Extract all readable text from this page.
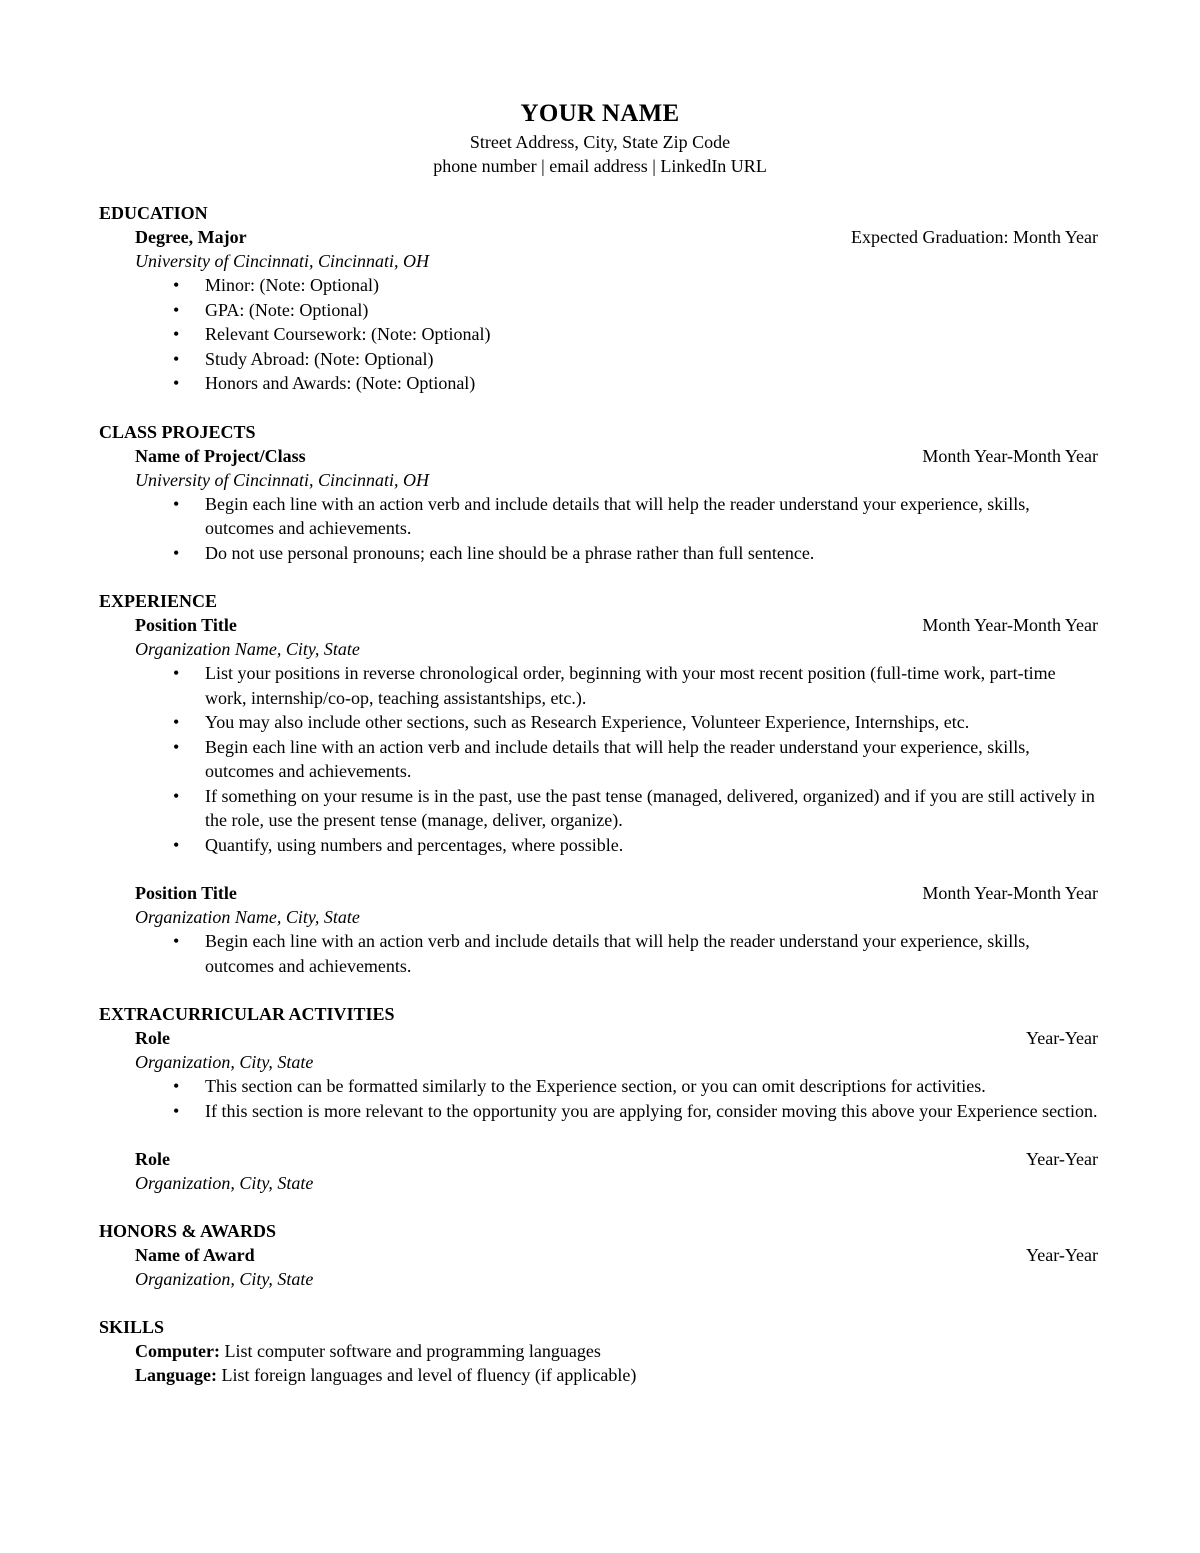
YOUR NAME
Street Address, City, State Zip Code
phone number | email address | LinkedIn URL
EDUCATION
Degree, Major	Expected Graduation: Month Year
University of Cincinnati, Cincinnati, OH
• Minor: (Note: Optional)
• GPA: (Note: Optional)
• Relevant Coursework: (Note: Optional)
• Study Abroad: (Note: Optional)
• Honors and Awards: (Note: Optional)
CLASS PROJECTS
Name of Project/Class	Month Year-Month Year
University of Cincinnati, Cincinnati, OH
• Begin each line with an action verb and include details that will help the reader understand your experience, skills, outcomes and achievements.
• Do not use personal pronouns; each line should be a phrase rather than full sentence.
EXPERIENCE
Position Title	Month Year-Month Year
Organization Name, City, State
• List your positions in reverse chronological order, beginning with your most recent position (full-time work, part-time work, internship/co-op, teaching assistantships, etc.).
• You may also include other sections, such as Research Experience, Volunteer Experience, Internships, etc.
• Begin each line with an action verb and include details that will help the reader understand your experience, skills, outcomes and achievements.
• If something on your resume is in the past, use the past tense (managed, delivered, organized) and if you are still actively in the role, use the present tense (manage, deliver, organize).
• Quantify, using numbers and percentages, where possible.
Position Title	Month Year-Month Year
Organization Name, City, State
• Begin each line with an action verb and include details that will help the reader understand your experience, skills, outcomes and achievements.
EXTRACURRICULAR ACTIVITIES
Role	Year-Year
Organization, City, State
• This section can be formatted similarly to the Experience section, or you can omit descriptions for activities.
• If this section is more relevant to the opportunity you are applying for, consider moving this above your Experience section.
Role	Year-Year
Organization, City, State
HONORS & AWARDS
Name of Award	Year-Year
Organization, City, State
SKILLS
Computer: List computer software and programming languages
Language: List foreign languages and level of fluency (if applicable)
